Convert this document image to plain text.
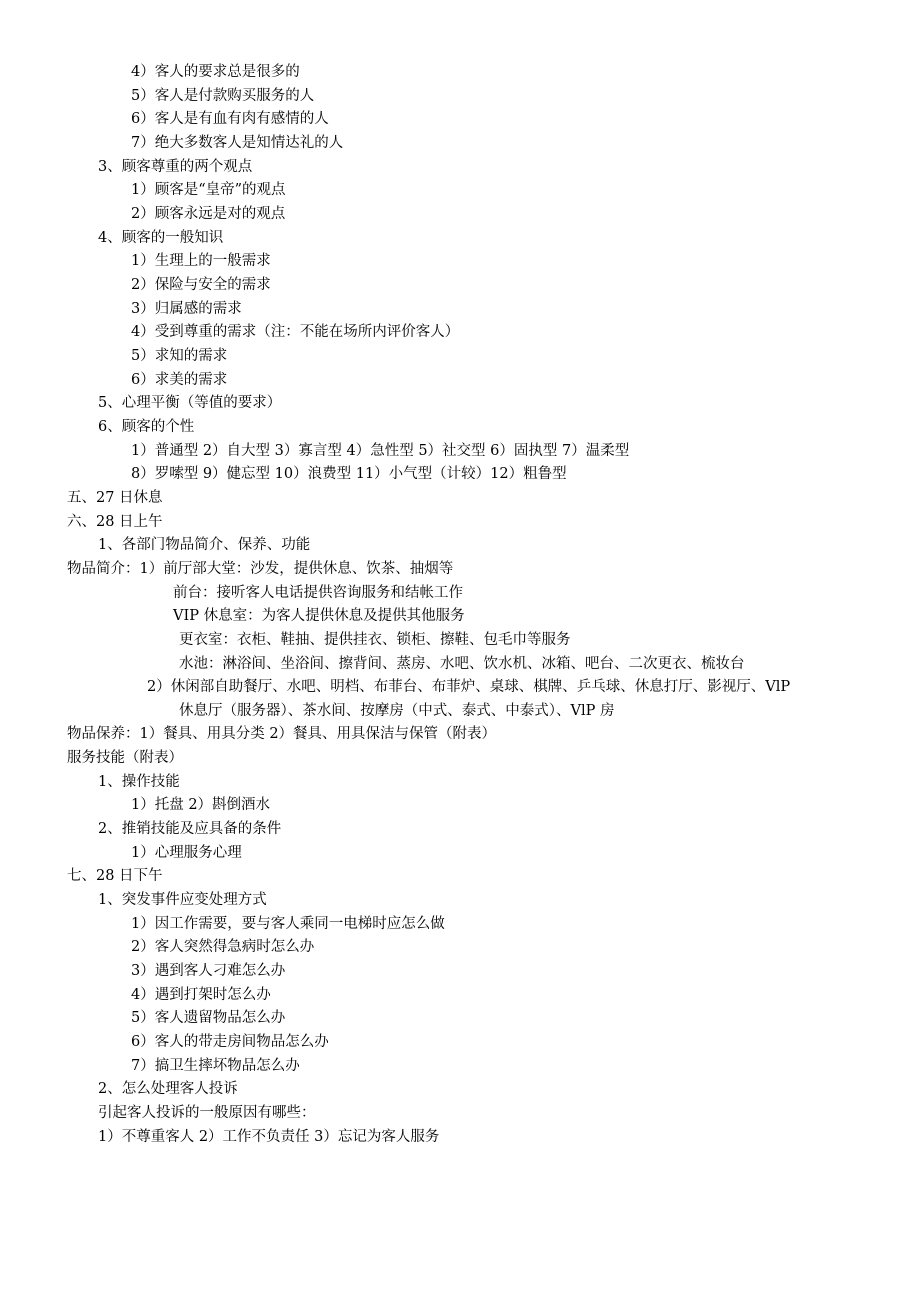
4）客人的要求总是很多的
5）客人是付款购买服务的人
6）客人是有血有肉有感情的人
7）绝大多数客人是知情达礼的人
3、顾客尊重的两个观点
1）顾客是“皇帝”的观点
2）顾客永远是对的观点
4、顾客的一般知识
1）生理上的一般需求
2）保险与安全的需求
3）归属感的需求
4）受到尊重的需求（注：不能在场所内评价客人）
5）求知的需求
6）求美的需求
5、心理平衡（等值的要求）
6、顾客的个性
1）普通型 2）自大型 3）寡言型 4）急性型 5）社交型 6）固执型 7）温柔型
8）罗嗦型 9）健忘型 10）浪费型 11）小气型（计较）12）粗鲁型
五、27 日休息
六、28 日上午
1、各部门物品简介、保养、功能
物品简介：1）前厅部大堂：沙发，提供休息、饮茶、抽烟等
前台：接听客人电话提供咨询服务和结帐工作
VIP 休息室：为客人提供休息及提供其他服务
更衣室：衣柜、鞋抽、提供挂衣、锁柜、擦鞋、包毛巾等服务
水池：淋浴间、坐浴间、擦背间、蒸房、水吧、饮水机、冰箱、吧台、二次更衣、梳妆台
2）休闲部自助餐厅、水吧、明档、布菲台、布菲炉、桌球、棋牌、乒乓球、休息打厅、影视厅、VlP
休息厅（服务器）、茶水间、按摩房（中式、泰式、中泰式）、VlP 房
物品保养：1）餐具、用具分类 2）餐具、用具保洁与保管（附表）
服务技能（附表）
1、操作技能
1）托盘 2）斟倒酒水
2、推销技能及应具备的条件
1）心理服务心理
七、28 日下午
1、突发事件应变处理方式
1）因工作需要，要与客人乘同一电梯时应怎么做
2）客人突然得急病时怎么办
3）遇到客人刁难怎么办
4）遇到打架时怎么办
5）客人遗留物品怎么办
6）客人的带走房间物品怎么办
7）搞卫生摔坏物品怎么办
2、怎么处理客人投诉
引起客人投诉的一般原因有哪些：
1）不尊重客人 2）工作不负责任 3）忘记为客人服务
